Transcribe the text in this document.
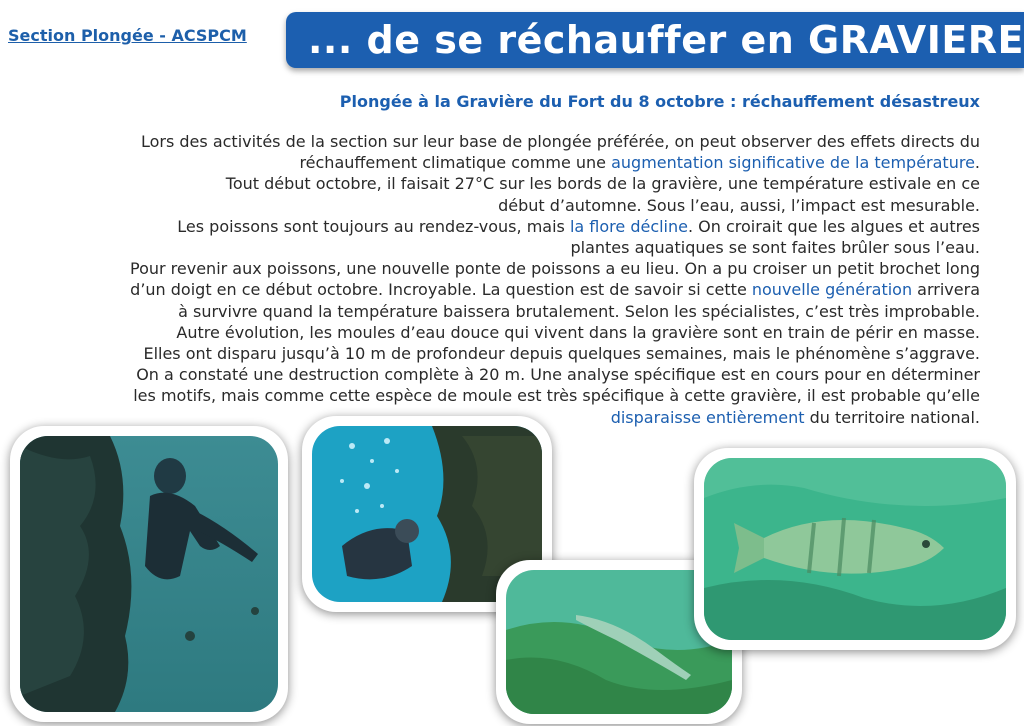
Section Plongée - ACSPCM ... de se réchauffer en GRAVIERE
Plongée à la Gravière du Fort du 8 octobre : réchauffement désastreux
Lors des activités de la section sur leur base de plongée préférée, on peut observer des effets directs du
réchauffement climatique comme une augmentation significative de la température.
Tout début octobre, il faisait 27°C sur les bords de la gravière, une température estivale en ce
début d’automne. Sous l’eau, aussi, l’impact est mesurable.
Les poissons sont toujours au rendez-vous, mais la flore décline. On croirait que les algues et autres
plantes aquatiques se sont faites brûler sous l’eau.
Pour revenir aux poissons, une nouvelle ponte de poissons a eu lieu. On a pu croiser un petit brochet long
d’un doigt en ce début octobre. Incroyable. La question est de savoir si cette nouvelle génération arrivera
à survivre quand la température baissera brutalement. Selon les spécialistes, c’est très improbable.
Autre évolution, les moules d’eau douce qui vivent dans la gravière sont en train de périr en masse.
Elles ont disparu jusqu’à 10 m de profondeur depuis quelques semaines, mais le phénomène s’aggrave.
On a constaté une destruction complète à 20 m. Une analyse spécifique est en cours pour en déterminer
les motifs, mais comme cette espèce de moule est très spécifique à cette gravière, il est probable qu’elle
disparaisse entièrement du territoire national.
